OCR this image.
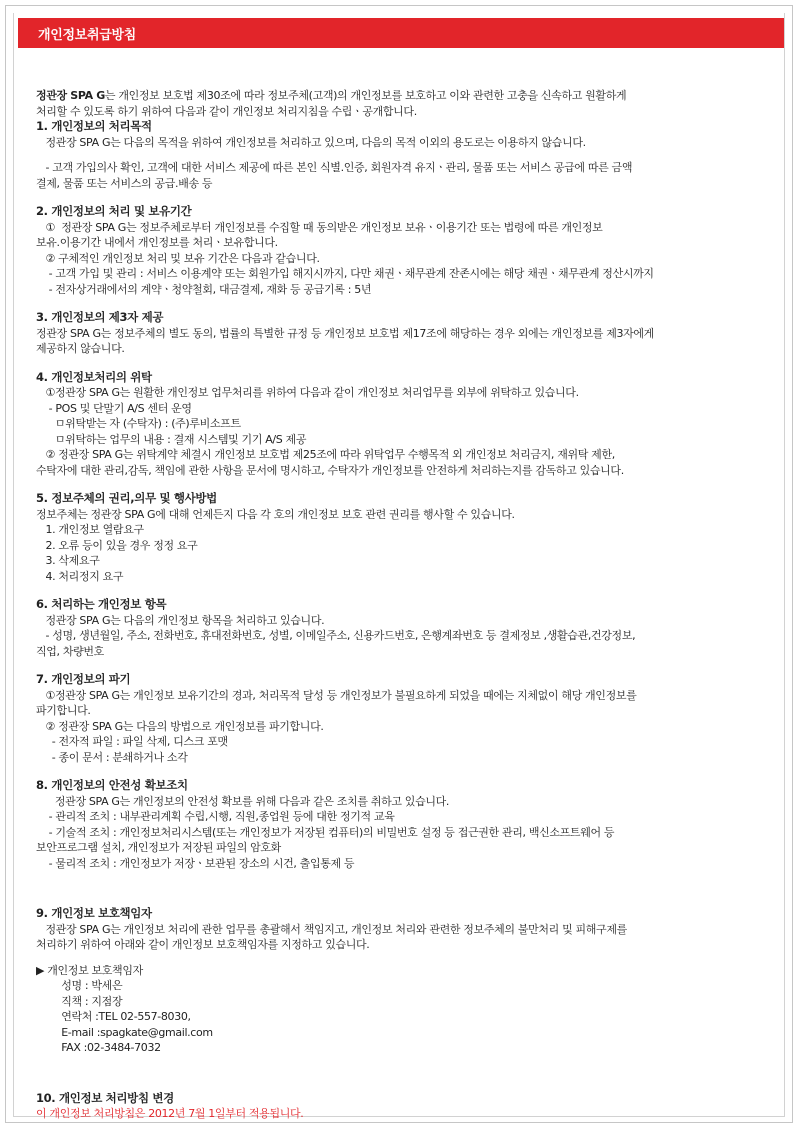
개인정보취급방침

정관장 SPA G는 개인정보 보호법 제30조에 따라 정보주체(고객)의 개인정보를 보호하고 이와 관련한 고충을 신속하고 원활하게
처리할 수 있도록 하기 위하여 다음과 같이 개인정보 처리지침을 수립ㆍ공개합니다.

1. 개인정보의 처리목적

정관장 SPA G는 다음의 목적을 위하여 개인정보를 처리하고 있으며, 다음의 목적 이외의 용도로는 이용하지 않습니다.

- 고객 가입의사 확인, 고객에 대한 서비스 제공에 따른 본인 식별.인증, 회원자격 유지ㆍ관리, 물품 또는 서비스 공급에 따른 금액

결제, 물품 또는 서비스의 공급.배송 등

2. 개인정보의 처리 및 보유기간

①  정관장 SPA G는 정보주체로부터 개인정보를 수집할 때 동의받은 개인정보 보유ㆍ이용기간 또는 법령에 따른 개인정보

보유.이용기간 내에서 개인정보를 처리ㆍ보유합니다.

② 구체적인 개인정보 처리 및 보유 기간은 다음과 같습니다.

- 고객 가입 및 관리 : 서비스 이용계약 또는 회원가입 해지시까지, 다만 채권ㆍ채무관계 잔존시에는 해당 채권ㆍ채무관계 정산시까지

- 전자상거래에서의 계약ㆍ청약철회, 대금결제, 재화 등 공급기록 : 5년

3. 개인정보의 제3자 제공

정관장 SPA G는 정보주체의 별도 동의, 법률의 특별한 규정 등 개인정보 보호법 제17조에 해당하는 경우 외에는 개인정보를 제3자에게

제공하지 않습니다.

4. 개인정보처리의 위탁

①정관장 SPA G는 원활한 개인정보 업무처리를 위하여 다음과 같이 개인정보 처리업무를 외부에 위탁하고 있습니다.

- POS 및 단말기 A/S 센터 운영

ㅁ위탁받는 자 (수탁자) : (주)루비소프트

ㅁ위탁하는 업무의 내용 : 결재 시스템및 기기 A/S 제공

② 정관장 SPA G는 위탁계약 체결시 개인정보 보호법 제25조에 따라 위탁업무 수행목적 외 개인정보 처리금지, 재위탁 제한,

수탁자에 대한 관리,감독, 책임에 관한 사항을 문서에 명시하고, 수탁자가 개인정보를 안전하게 처리하는지를 감독하고 있습니다.

5. 정보주체의 권리,의무 및 행사방법

정보주체는 정관장 SPA G에 대해 언제든지 다음 각 호의 개인정보 보호 관련 권리를 행사할 수 있습니다.

1. 개인정보 열람요구

2. 오류 등이 있을 경우 정정 요구

3. 삭제요구

4. 처리정지 요구

6. 처리하는 개인정보 항목

정관장 SPA G는 다음의 개인정보 항목을 처리하고 있습니다.

- 성명, 생년월일, 주소, 전화번호, 휴대전화번호, 성별, 이메일주소, 신용카드번호, 은행계좌번호 등 결제정보 ,생활습관,건강정보,

직업, 차량번호

7. 개인정보의 파기

①정관장 SPA G는 개인정보 보유기간의 경과, 처리목적 달성 등 개인정보가 불필요하게 되었을 때에는 지체없이 해당 개인정보를

파기합니다.

② 정관장 SPA G는 다음의 방법으로 개인정보를 파기합니다.

- 전자적 파일 : 파일 삭제, 디스크 포맷

- 종이 문서 : 분쇄하거나 소각

8. 개인정보의 안전성 확보조치

정관장 SPA G는 개인정보의 안전성 확보를 위해 다음과 같은 조치를 취하고 있습니다.

- 관리적 조치 : 내부관리계획 수립,시행, 직원,종업원 등에 대한 정기적 교육

- 기술적 조치 : 개인정보처리시스템(또는 개인정보가 저장된 컴퓨터)의 비밀번호 설정 등 접근권한 관리, 백신소프트웨어 등

보안프로그램 설치, 개인정보가 저장된 파일의 암호화

- 물리적 조치 : 개인정보가 저장ㆍ보관된 장소의 시건, 출입통제 등

9. 개인정보 보호책임자

정관장 SPA G는 개인정보 처리에 관한 업무를 총괄해서 책임지고, 개인정보 처리와 관련한 정보주체의 불만처리 및 피해구제를

처리하기 위하여 아래와 같이 개인정보 보호책임자를 지정하고 있습니다.

▶ 개인정보 보호책임자

성명 : 박세은

직책 : 지점장

연락처 :TEL 02-557-8030,

E-mail :spagkate@gmail.com

FAX :02-3484-7032

10. 개인정보 처리방침 변경

이 개인정보 처리방침은 2012년 7월 1일부터 적용됩니다.
